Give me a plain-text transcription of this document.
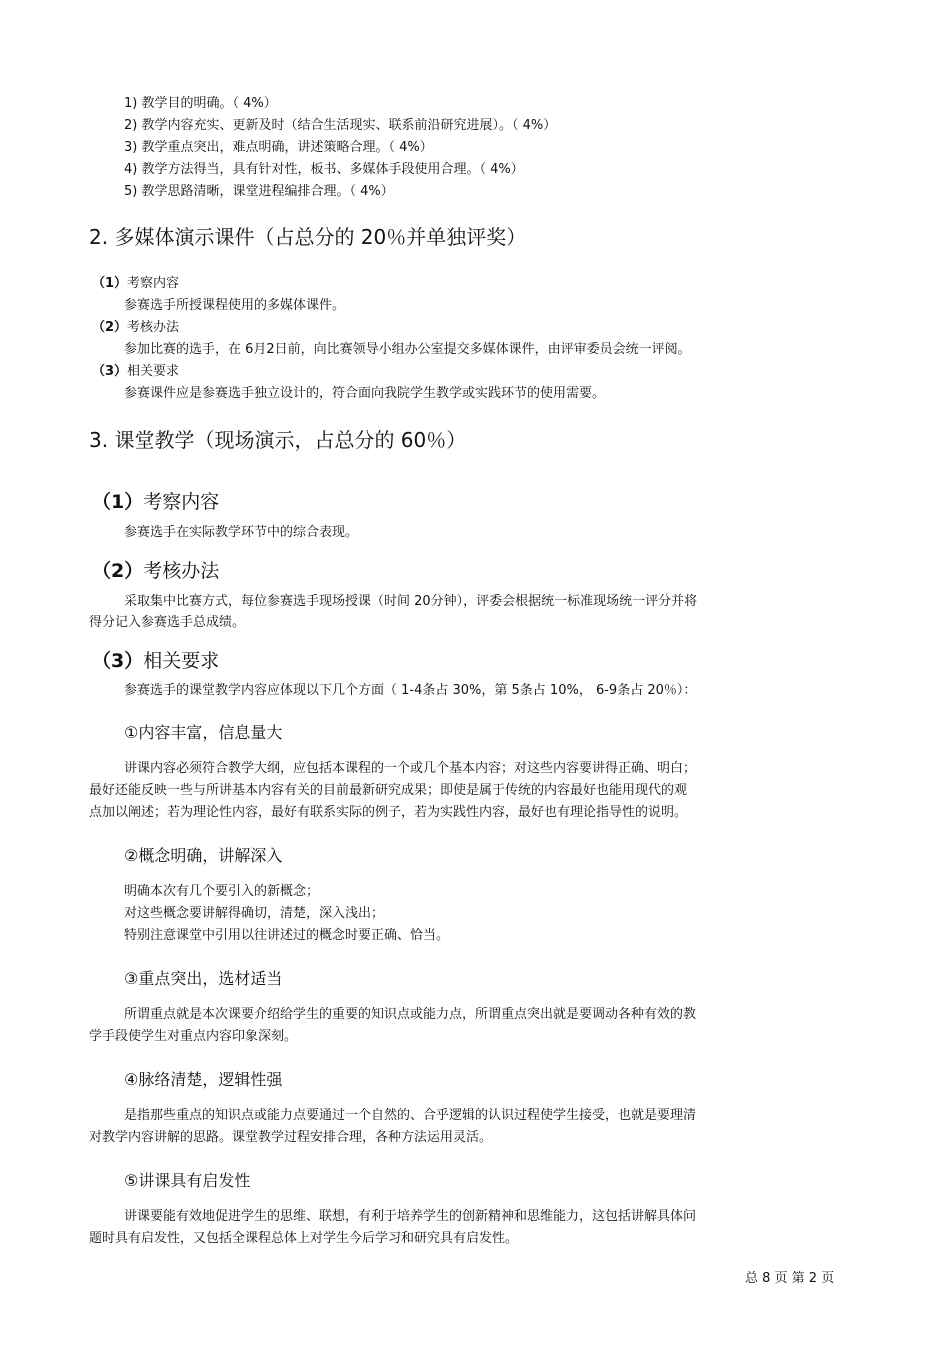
1) 教学目的明确。（ 4%）
2) 教学内容充实、更新及时（结合生活现实、联系前沿研究进展）。（ 4%）
3) 教学重点突出，难点明确，讲述策略合理。（ 4%）
4) 教学方法得当，具有针对性，板书、多媒体手段使用合理。（ 4%）
5) 教学思路清晰，课堂进程编排合理。（ 4%）
2. 多媒体演示课件（占总分的 20％并单独评奖）
（1）考察内容
参赛选手所授课程使用的多媒体课件。
（2）考核办法
参加比赛的选手，在 6月2日前，向比赛领导小组办公室提交多媒体课件，由评审委员会统一评阅。
（3）相关要求
参赛课件应是参赛选手独立设计的，符合面向我院学生教学或实践环节的使用需要。
3. 课堂教学（现场演示，占总分的 60％）
（1）考察内容
参赛选手在实际教学环节中的综合表现。
（2）考核办法
采取集中比赛方式，每位参赛选手现场授课（时间 20分钟），评委会根据统一标准现场统一评分并将
得分记入参赛选手总成绩。
（3）相关要求
参赛选手的课堂教学内容应体现以下几个方面（ 1-4条占 30%，第 5条占 10%， 6-9条占 20％）：
①内容丰富，信息量大
讲课内容必须符合教学大纲，应包括本课程的一个或几个基本内容；对这些内容要讲得正确、明白；
最好还能反映一些与所讲基本内容有关的目前最新研究成果；即使是属于传统的内容最好也能用现代的观
点加以阐述；若为理论性内容，最好有联系实际的例子，若为实践性内容，最好也有理论指导性的说明。
②概念明确，讲解深入
明确本次有几个要引入的新概念；
对这些概念要讲解得确切，清楚，深入浅出；
特别注意课堂中引用以往讲述过的概念时要正确、恰当。
③重点突出，选材适当
所谓重点就是本次课要介绍给学生的重要的知识点或能力点，所谓重点突出就是要调动各种有效的教
学手段使学生对重点内容印象深刻。
④脉络清楚，逻辑性强
是指那些重点的知识点或能力点要通过一个自然的、合乎逻辑的认识过程使学生接受，也就是要理清
对教学内容讲解的思路。课堂教学过程安排合理，各种方法运用灵活。
⑤讲课具有启发性
讲课要能有效地促进学生的思维、联想，有利于培养学生的创新精神和思维能力，这包括讲解具体问
题时具有启发性，又包括全课程总体上对学生今后学习和研究具有启发性。
总 8 页 第 2 页
